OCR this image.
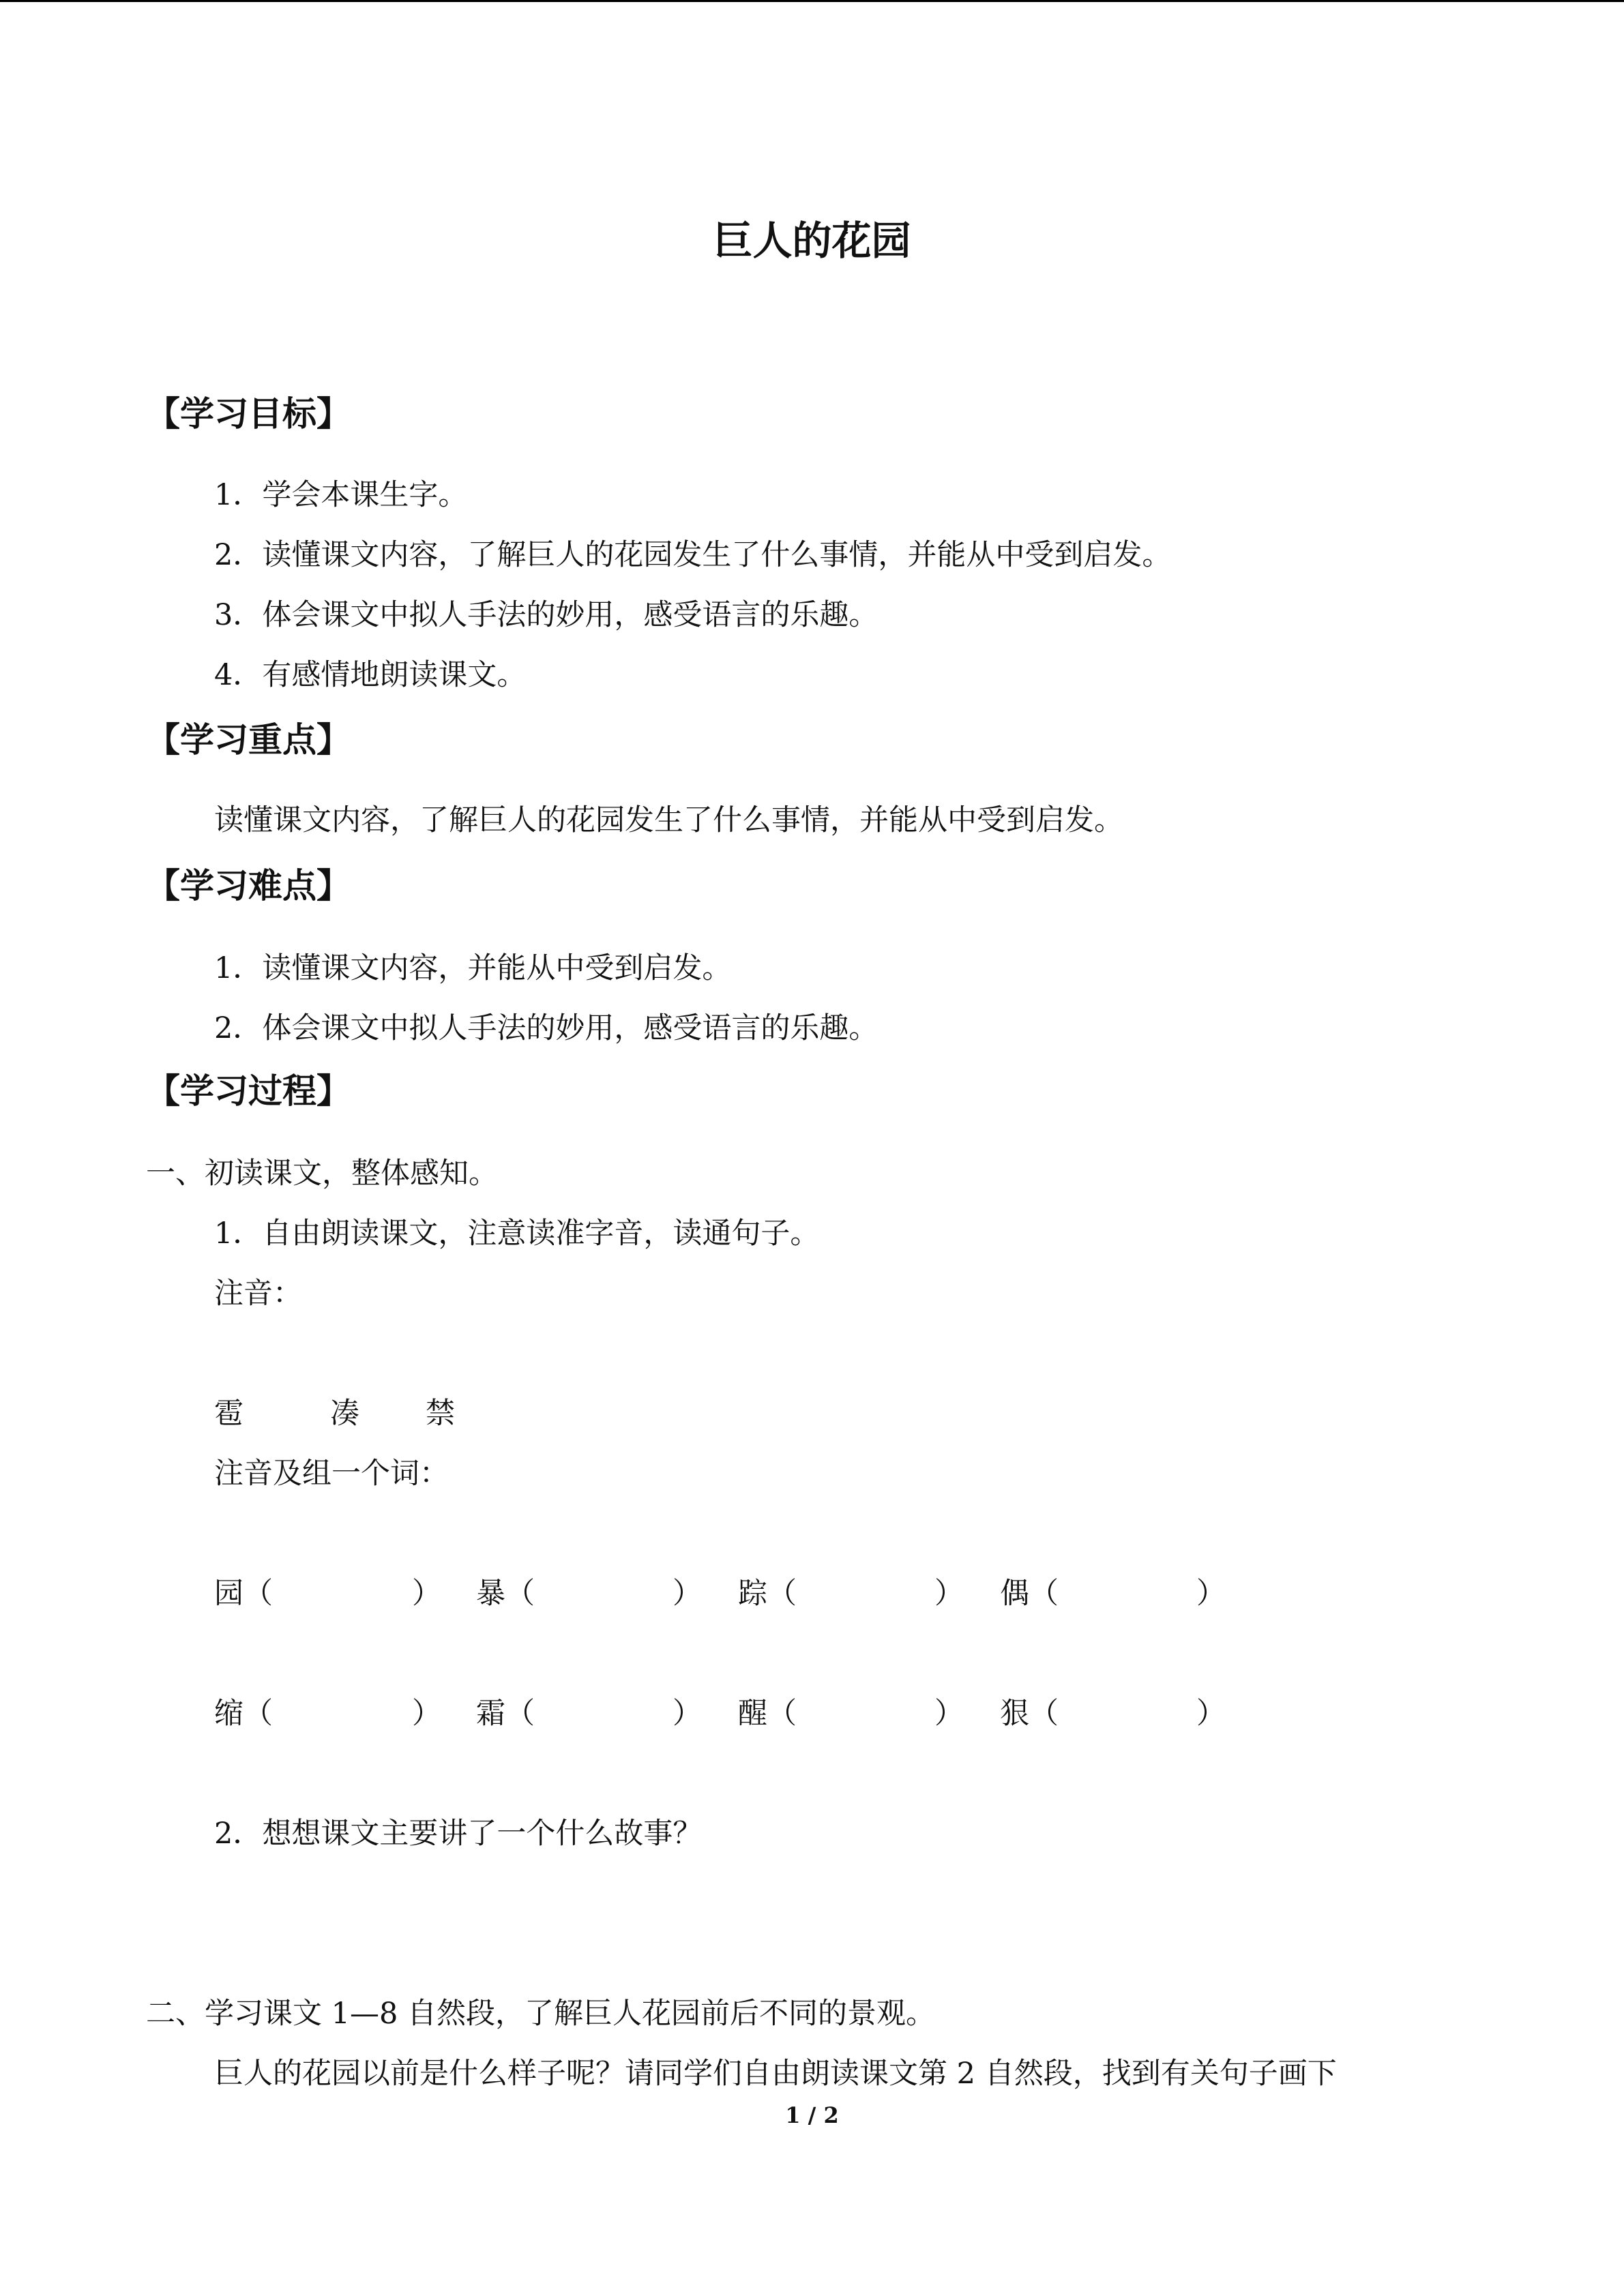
巨人的花园
【学习目标】
1．学会本课生字。
2．读懂课文内容，了解巨人的花园发生了什么事情，并能从中受到启发。
3．体会课文中拟人手法的妙用，感受语言的乐趣。
4．有感情地朗读课文。
【学习重点】
读懂课文内容，了解巨人的花园发生了什么事情，并能从中受到启发。
【学习难点】
1．读懂课文内容，并能从中受到启发。
2．体会课文中拟人手法的妙用，感受语言的乐趣。
【学习过程】
一、初读课文，整体感知。
1．自由朗读课文，注意读准字音，读通句子。
注音：
雹	凑 禁
注音及组一个词：
园（	） 暴（	） 踪（	） 偶（	）
缩（	） 霜（	） 醒（	） 狠（	）
2．想想课文主要讲了一个什么故事？
二、学习课文 1—8 自然段，了解巨人花园前后不同的景观。
巨人的花园以前是什么样子呢？请同学们自由朗读课文第 2 自然段，找到有关句子画下
1 / 2
